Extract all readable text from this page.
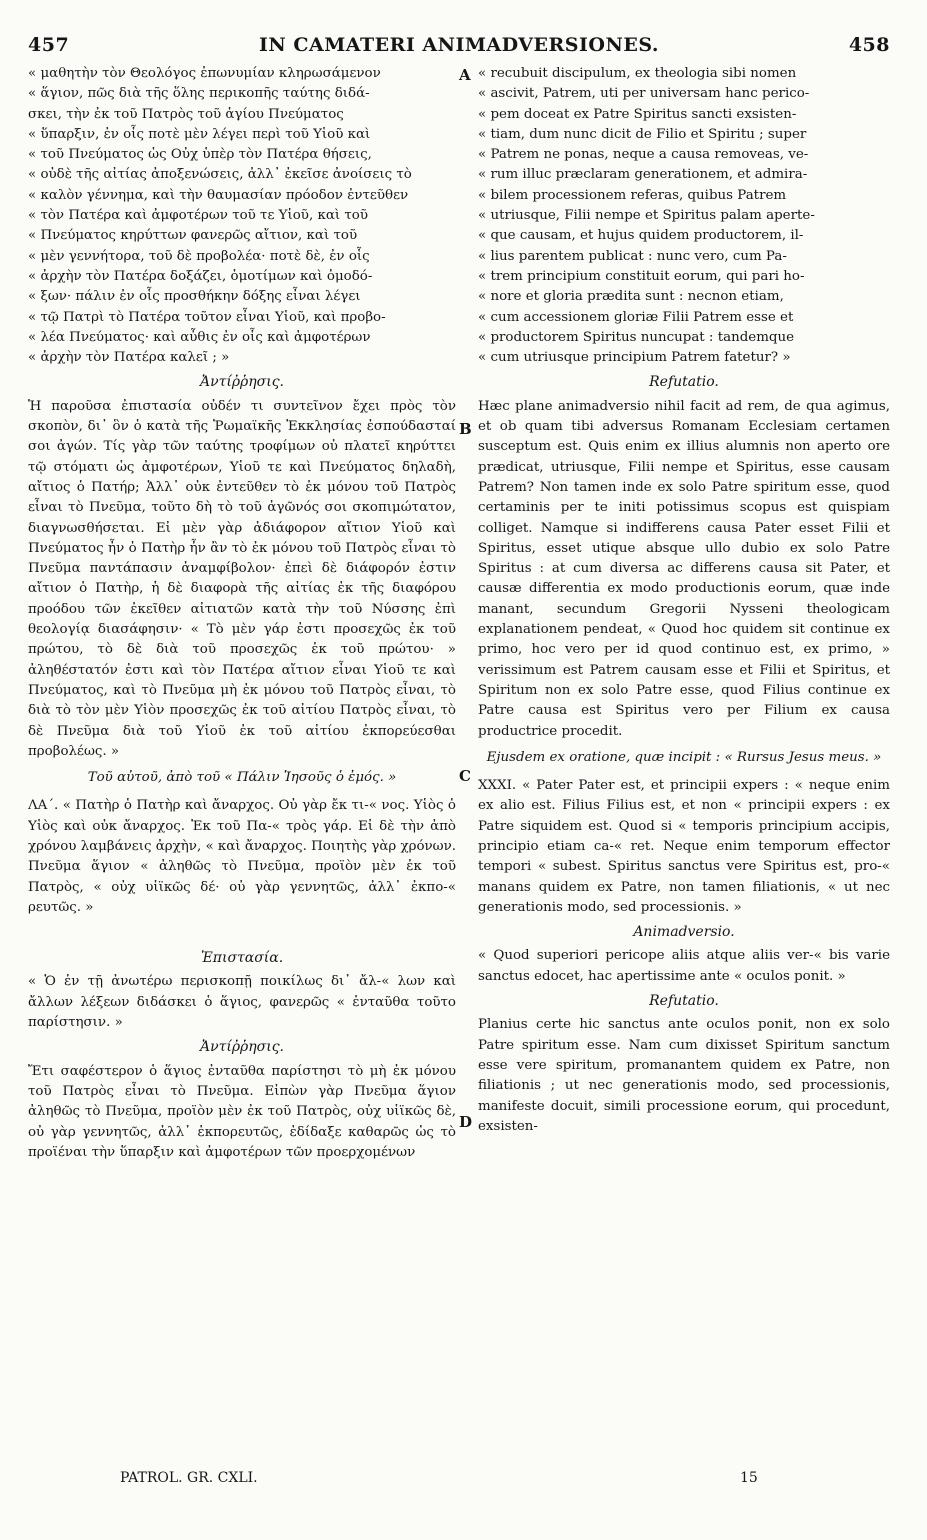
457	IN CAMATERI ANIMADVERSIONES.	458
« μαθητὴν τὸν Θεολόγος ἐπωνυμίαν κληρωσάμενον
« ἅγιον, πῶς διὰ τῆς ὅλης περικοπῆς ταύτης διδά-
σκει, τὴν ἐκ τοῦ Πατρὸς τοῦ ἁγίου Πνεύματος
« ὕπαρξιν, ἐν οἷς ποτὲ μὲν λέγει περὶ τοῦ Υἱοῦ καὶ
« τοῦ Πνεύματος ὡς Οὐχ ὑπὲρ τὸν Πατέρα θήσεις,
« οὐδὲ τῆς αἰτίας ἀποξενώσεις, ἀλλ᾿ ἐκεῖσε ἀνοίσεις τὸ
« καλὸν γέννημα, καὶ τὴν θαυμασίαν πρόοδον ἐντεῦθεν
« τὸν Πατέρα καὶ ἀμφοτέρων τοῦ τε Υἱοῦ, καὶ τοῦ
« Πνεύματος κηρύττων φανερῶς αἴτιον, καὶ τοῦ
« μὲν γεννήτορα, τοῦ δὲ προβολέα· ποτὲ δὲ, ἐν οἷς
« ἀρχὴν τὸν Πατέρα δοξάζει, ὁμοτίμων καὶ ὁμοδό-
« ξων· πάλιν ἐν οἷς προσθήκην δόξης εἶναι λέγει
« τῷ Πατρὶ τὸ Πατέρα τοῦτον εἶναι Υἱοῦ, καὶ προβο-
« λέα Πνεύματος· καὶ αὖθις ἐν οἷς καὶ ἀμφοτέρων
« ἀρχὴν τὸν Πατέρα καλεῖ ; »
Ἀντίῤῥησις.

Ἡ παροῦσα ἐπιστασία οὐδέν τι συντεῖνον ἔχει πρὸς τὸν σκοπὸν, δι᾿ ὃν ὁ κατὰ τῆς Ῥωμαϊκῆς Ἐκκλησίας ἐσπούδασταί σοι ἀγών. Τίς γὰρ τῶν ταύτης τροφίμων οὐ πλατεῖ κηρύττει τῷ στόματι ὡς ἀμφοτέρων, Υἱοῦ τε καὶ Πνεύματος δηλαδὴ, αἴτιος ὁ Πατήρ; Ἀλλ᾿ οὐκ ἐντεῦθεν τὸ ἐκ μόνου τοῦ Πατρὸς εἶναι τὸ Πνεῦμα, τοῦτο δὴ τὸ τοῦ ἀγῶνός σοι σκοπιμώτατον, διαγνωσθήσεται. Εἰ μὲν γὰρ ἀδιάφορον αἴτιον Υἱοῦ καὶ Πνεύματος ἦν ὁ Πατὴρ ἦν ἂν τὸ ἐκ μόνου τοῦ Πατρὸς εἶναι τὸ Πνεῦμα παντάπασιν ἀναμφίβολον· ἐπεὶ δὲ διάφορόν ἐστιν αἴτιον ὁ Πατὴρ, ἡ δὲ διαφορὰ τῆς αἰτίας ἐκ τῆς διαφόρου προόδου τῶν ἐκεῖθεν αἰτιατῶν κατὰ τὴν τοῦ Νύσσης ἐπὶ θεολογίᾳ διασάφησιν· « Τὸ μὲν γάρ ἐστι προσεχῶς ἐκ τοῦ πρώτου, τὸ δὲ διὰ τοῦ προσεχῶς ἐκ τοῦ πρώτου· » ἀληθέστατόν ἐστι καὶ τὸν Πατέρα αἴτιον εἶναι Υἱοῦ τε καὶ Πνεύματος, καὶ τὸ Πνεῦμα μὴ ἐκ μόνου τοῦ Πατρὸς εἶναι, τὸ διὰ τὸ τὸν μὲν Υἱὸν προσεχῶς ἐκ τοῦ αἰτίου Πατρὸς εἶναι, τὸ δὲ Πνεῦμα διὰ τοῦ Υἱοῦ ἐκ τοῦ αἰτίου ἐκπορεύεσθαι προβολέως. »

Τοῦ αὐτοῦ, ἀπὸ τοῦ « Πάλιν Ἰησοῦς ὁ ἐμός. »

ΛΑ΄. « Πατὴρ ὁ Πατὴρ καὶ ἄναρχος. Οὐ γὰρ ἔκ τι-« νος. Υἱὸς ὁ Υἱὸς καὶ οὐκ ἄναρχος. Ἐκ τοῦ Πα-« τρὸς γάρ. Εἰ δὲ τὴν ἀπὸ χρόνου λαμβάνεις ἀρχὴν, « καὶ ἄναρχος. Ποιητὴς γὰρ χρόνων. Πνεῦμα ἅγιον « ἀληθῶς τὸ Πνεῦμα, προϊὸν μὲν ἐκ τοῦ Πατρὸς, « οὐχ υἱϊκῶς δέ· οὐ γὰρ γεννητῶς, ἀλλ᾿ ἐκπο-« ρευτῶς. »

Ἐπιστασία.

« Ὁ ἐν τῇ ἀνωτέρω περισκοπῇ ποικίλως δι᾿ ἄλ-« λων καὶ ἄλλων λέξεων διδάσκει ὁ ἅγιος, φανερῶς « ἐνταῦθα τοῦτο παρίστησιν. »

Ἀντίῤῥησις.

Ἔτι σαφέστερον ὁ ἅγιος ἐνταῦθα παρίστησι τὸ μὴ ἐκ μόνου τοῦ Πατρὸς εἶναι τὸ Πνεῦμα. Εἰπὼν γὰρ Πνεῦμα ἅγιον ἀληθῶς τὸ Πνεῦμα, προϊὸν μὲν ἐκ τοῦ Πατρὸς, οὐχ υἱϊκῶς δὲ, οὐ γὰρ γεννητῶς, ἀλλ᾿ ἐκπορευτῶς, ἐδίδαξε καθαρῶς ὡς τὸ προϊέναι τὴν ὕπαρξιν καὶ ἀμφοτέρων τῶν προερχομένων

« recubuit discipulum, ex theologia sibi nomen
« ascivit, Patrem, uti per universam hanc perico-
« pem doceat ex Patre Spiritus sancti exsisten-
« tiam, dum nunc dicit de Filio et Spiritu ; super
« Patrem ne ponas, neque a causa removeas, ve-
« rum illuc præclaram generationem, et admira-
« bilem processionem referas, quibus Patrem
« utriusque, Filii nempe et Spiritus palam aperte-
« que causam, et hujus quidem productorem, il-
« lius parentem publicat : nunc vero, cum Pa-
« trem principium constituit eorum, qui pari ho-
« nore et gloria prædita sunt : necnon etiam,
« cum accessionem gloriæ Filii Patrem esse et
« productorem Spiritus nuncupat : tandemque
« cum utriusque principium Patrem fatetur? »
Refutatio.

Hæc plane animadversio nihil facit ad rem, de qua agimus, et ob quam tibi adversus Romanam Ecclesiam certamen susceptum est. Quis enim ex illius alumnis non aperto ore prædicat, utriusque, Filii nempe et Spiritus, esse causam Patrem? Non tamen inde ex solo Patre spiritum esse, quod certaminis per te initi potissimus scopus est quispiam colliget. Namque si indifferens causa Pater esset Filii et Spiritus, esset utique absque ullo dubio ex solo Patre Spiritus : at cum diversa ac differens causa sit Pater, et causæ differentia ex modo productionis eorum, quæ inde manant, secundum Gregorii Nysseni theologicam explanationem pendeat, « Quod hoc quidem sit continue ex primo, hoc vero per id quod continuo est, ex primo, » verissimum est Patrem causam esse et Filii et Spiritus, et Spiritum non ex solo Patre esse, quod Filius continue ex Patre causa est Spiritus vero per Filium ex causa productrice procedit.

Ejusdem ex oratione, quæ incipit : « Rursus Jesus meus. »

XXXI. « Pater Pater est, et principii expers : « neque enim ex alio est. Filius Filius est, et non « principii expers : ex Patre siquidem est. Quod si « temporis principium accipis, principio etiam ca-« ret. Neque enim temporum effector tempori « subest. Spiritus sanctus vere Spiritus est, pro-« manans quidem ex Patre, non tamen filiationis, « ut nec generationis modo, sed processionis. »

Animadversio.

« Quod superiori pericope aliis atque aliis ver-« bis varie sanctus edocet, hac apertissime ante « oculos ponit. »

Refutatio.

Planius certe hic sanctus ante oculos ponit, non ex solo Patre spiritum esse. Nam cum dixisset Spiritum sanctum esse vere spiritum, promanantem quidem ex Patre, non filiationis ; ut nec generationis modo, sed processionis, manifeste docuit, simili processione eorum, qui procedunt, exsisten-

A
B
C
D
PATROL. GR. CXLI.	15
